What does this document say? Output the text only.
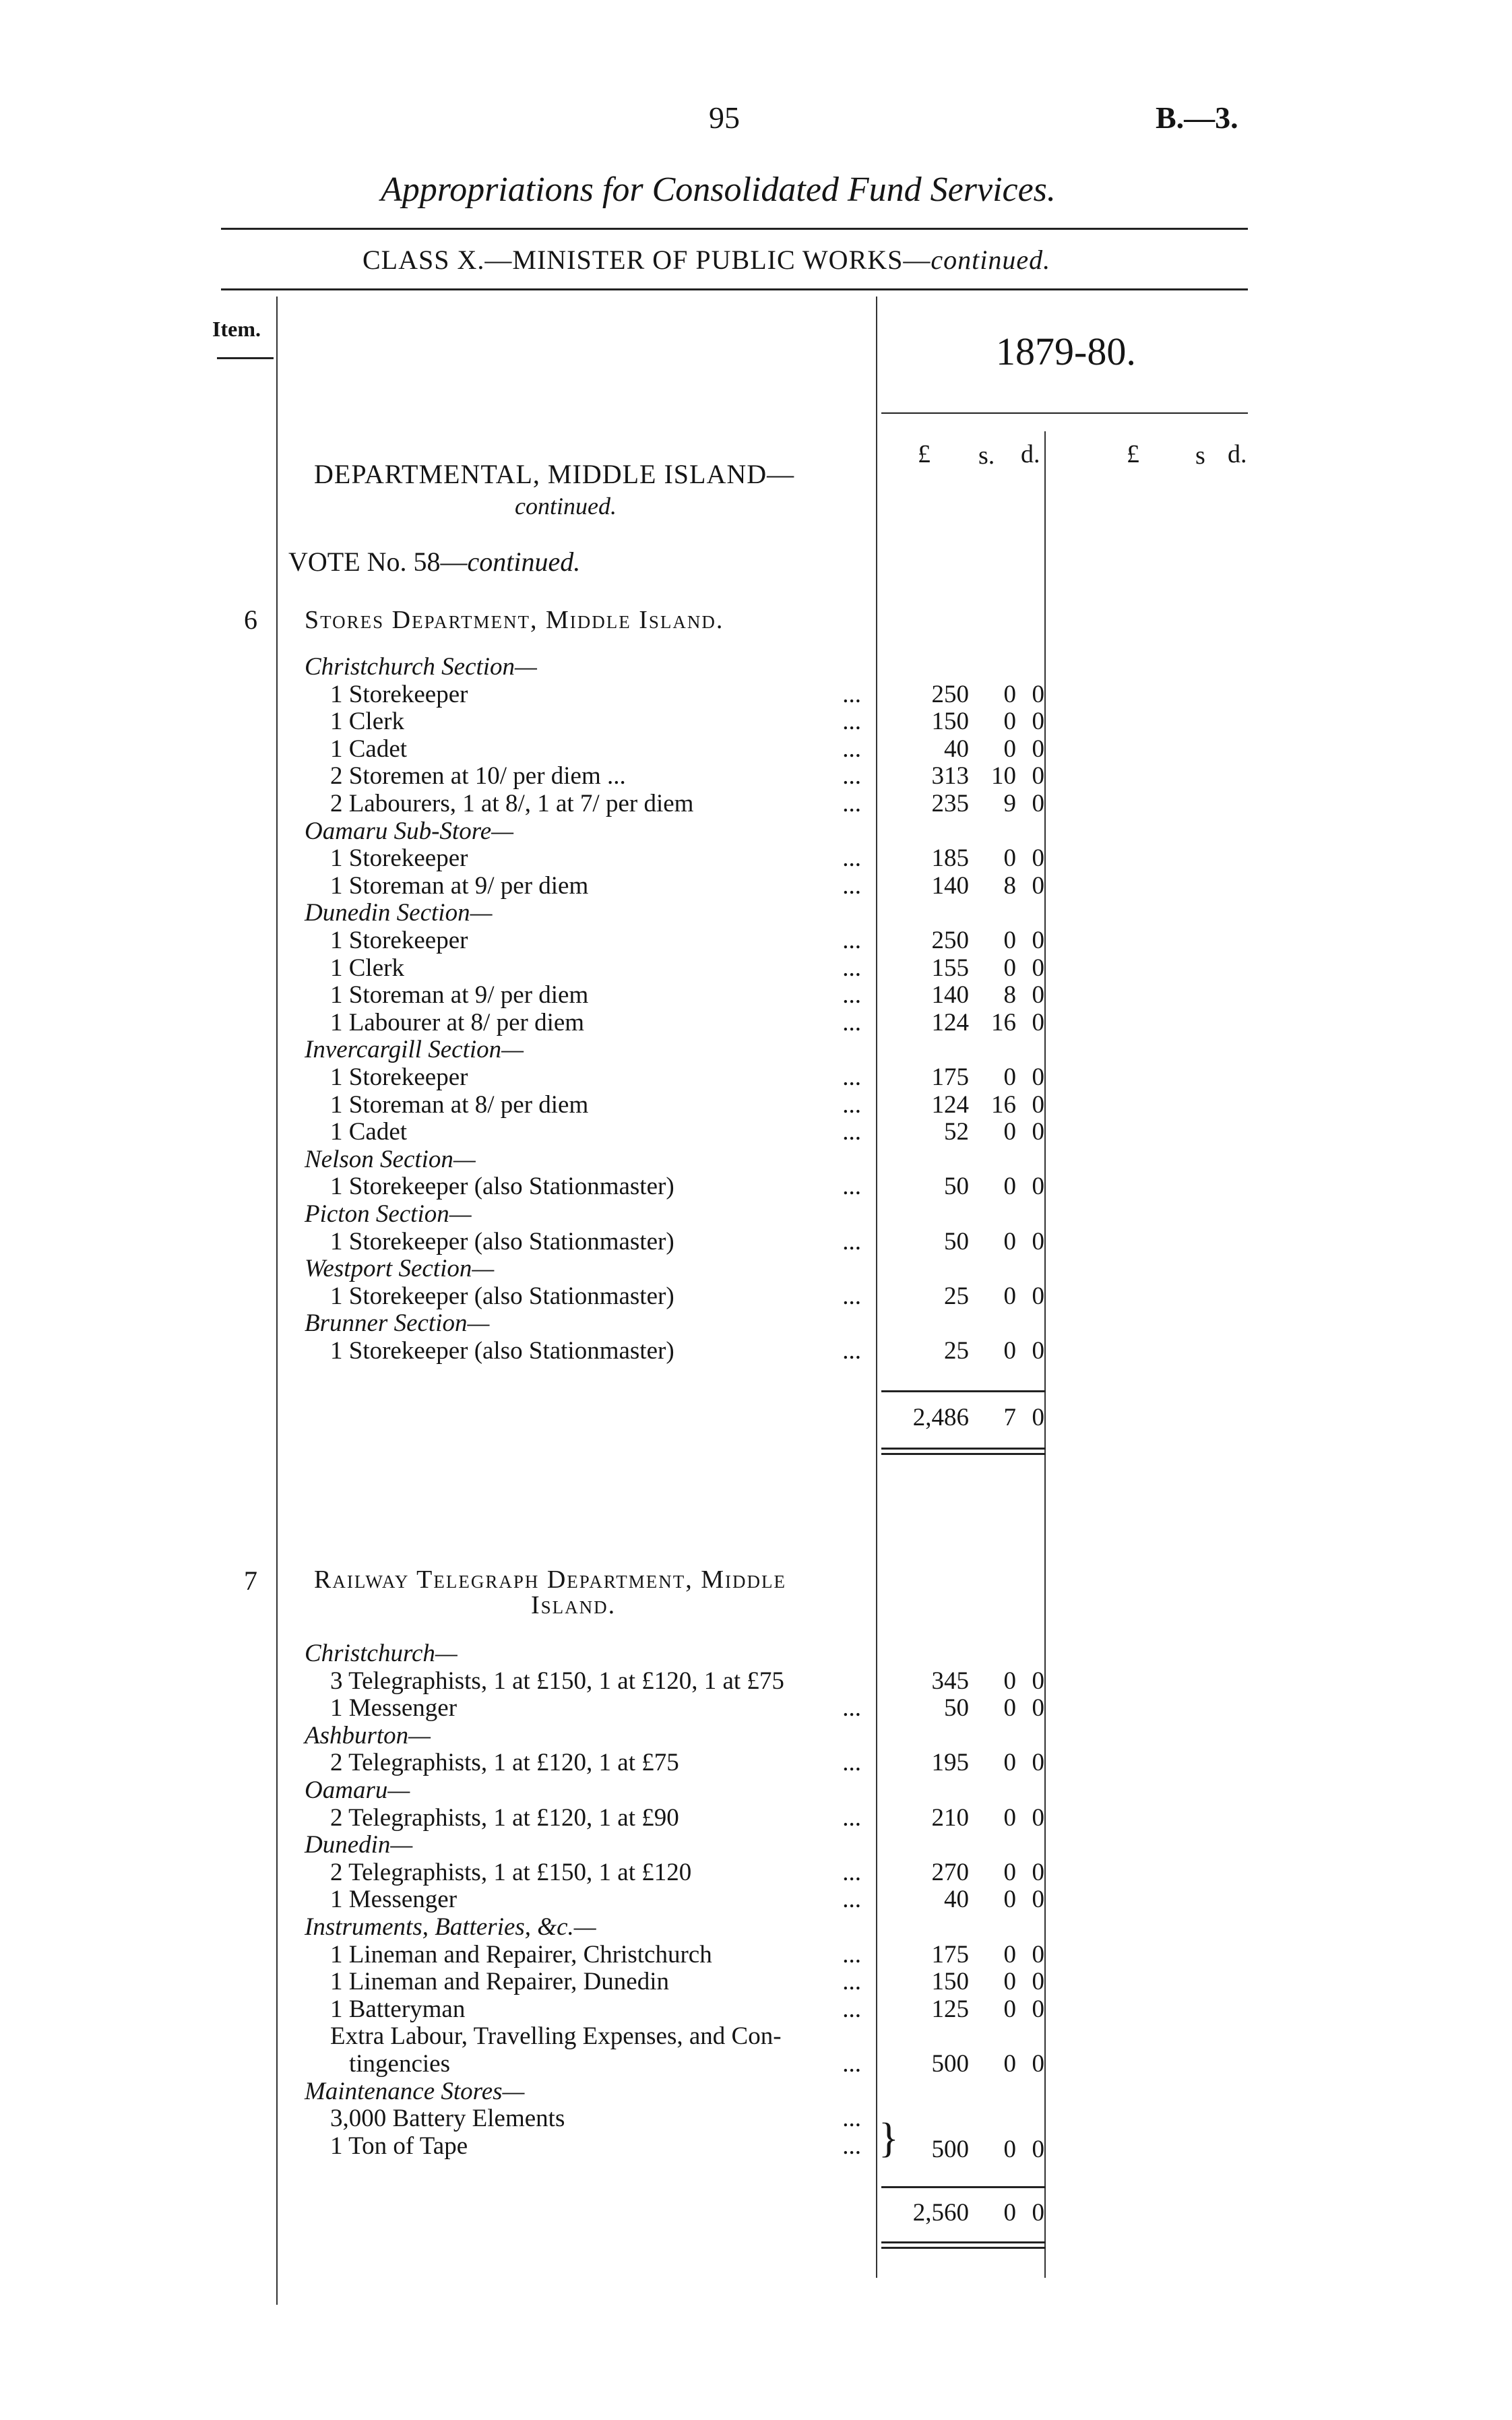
95	B.—3.
Appropriations for Consolidated Fund Services.
CLASS X.—MINISTER OF PUBLIC WORKS—continued.
Item.
1879-80.
£ s. d.	£ s d.
DEPARTMENTAL, MIDDLE ISLAND—
continued.
VOTE No. 58—continued.
6 Stores Department, Middle Island.
Christchurch Section—
1 Storekeeper	...	250	0 0
1 Clerk	...	150	0 0
1 Cadet	...	40	0 0
2 Storemen at 10/ per diem ...	...	313 10 0
2 Labourers, 1 at 8/, 1 at 7/ per diem	...	235	9 0
Oamaru Sub-Store—
1 Storekeeper	...	185	0 0
1 Storeman at 9/ per diem	...	140	8 0
Dunedin Section—
1 Storekeeper	...	250	0 0
1 Clerk	...	155	0 0
1 Storeman at 9/ per diem	...	140	8 0
1 Labourer at 8/ per diem	...	124 16 0
Invercargill Section—
1 Storekeeper	...	175	0 0
1 Storeman at 8/ per diem	...	124 16 0
1 Cadet	...	52	0 0
Nelson Section—
1 Storekeeper (also Stationmaster)	...	50	0 0
Picton Section—
1 Storekeeper (also Stationmaster)	...	50	0 0
Westport Section—
1 Storekeeper (also Stationmaster)	...	25	0 0
Brunner Section—
1 Storekeeper (also Stationmaster)	...	25	0 0
2,486	7 0
7 Railway Telegraph Department, Middle
Island.
Christchurch—
3 Telegraphists, 1 at £150, 1 at £120, 1 at £75	345	0 0
1 Messenger	...	50	0 0
Ashburton—
2 Telegraphists, 1 at £120, 1 at £75	...	195	0 0
Oamaru—
2 Telegraphists, 1 at £120, 1 at £90	...	210	0 0
Dunedin—
2 Telegraphists, 1 at £150, 1 at £120	...	270	0 0
1 Messenger	...	40	0 0
Instruments, Batteries, &c.—
1 Lineman and Repairer, Christchurch	...	175	0 0
1 Lineman and Repairer, Dunedin	...	150	0 0
1 Batteryman	...	125	0 0
Extra Labour, Travelling Expenses, and Con-
tingencies	...	500	0 0
Maintenance Stores—
3,000 Battery Elements	...
1 Ton of Tape	... }	500	0 0
2,560	0 0
